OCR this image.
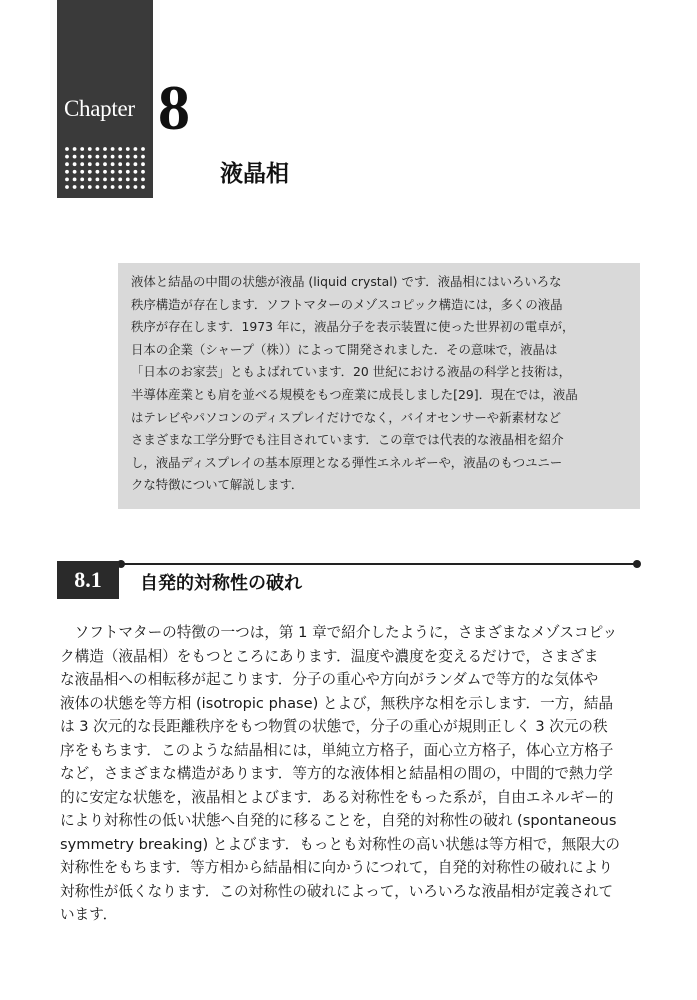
Chapter 8
液晶相
液体と結晶の中間の状態が液晶 (liquid crystal) です．液晶相にはいろいろな
秩序構造が存在します．ソフトマターのメゾスコピック構造には，多くの液晶
秩序が存在します．1973 年に，液晶分子を表示装置に使った世界初の電卓が，
日本の企業（シャープ（株））によって開発されました．その意味で，液晶は
「日本のお家芸」ともよばれています．20 世紀における液晶の科学と技術は，
半導体産業とも肩を並べる規模をもつ産業に成長しました[29]．現在では，液晶
はテレビやパソコンのディスプレイだけでなく，バイオセンサーや新素材など
さまざまな工学分野でも注目されています．この章では代表的な液晶相を紹介
し，液晶ディスプレイの基本原理となる弾性エネルギーや，液晶のもつユニー
クな特徴について解説します．
8.1	自発的対称性の破れ
　ソフトマターの特徴の一つは，第 1 章で紹介したように，さまざまなメゾスコピッ
ク構造（液晶相）をもつところにあります．温度や濃度を変えるだけで，さまざま
な液晶相への相転移が起こります．分子の重心や方向がランダムで等方的な気体や
液体の状態を等方相 (isotropic phase) とよび，無秩序な相を示します．一方，結晶
は 3 次元的な長距離秩序をもつ物質の状態で，分子の重心が規則正しく 3 次元の秩
序をもちます．このような結晶相には，単純立方格子，面心立方格子，体心立方格子
など，さまざまな構造があります．等方的な液体相と結晶相の間の，中間的で熱力学
的に安定な状態を，液晶相とよびます．ある対称性をもった系が，自由エネルギー的
により対称性の低い状態へ自発的に移ることを，自発的対称性の破れ (spontaneous
symmetry breaking) とよびます．もっとも対称性の高い状態は等方相で，無限大の
対称性をもちます．等方相から結晶相に向かうにつれて，自発的対称性の破れにより
対称性が低くなります．この対称性の破れによって，いろいろな液晶相が定義されて
います．
